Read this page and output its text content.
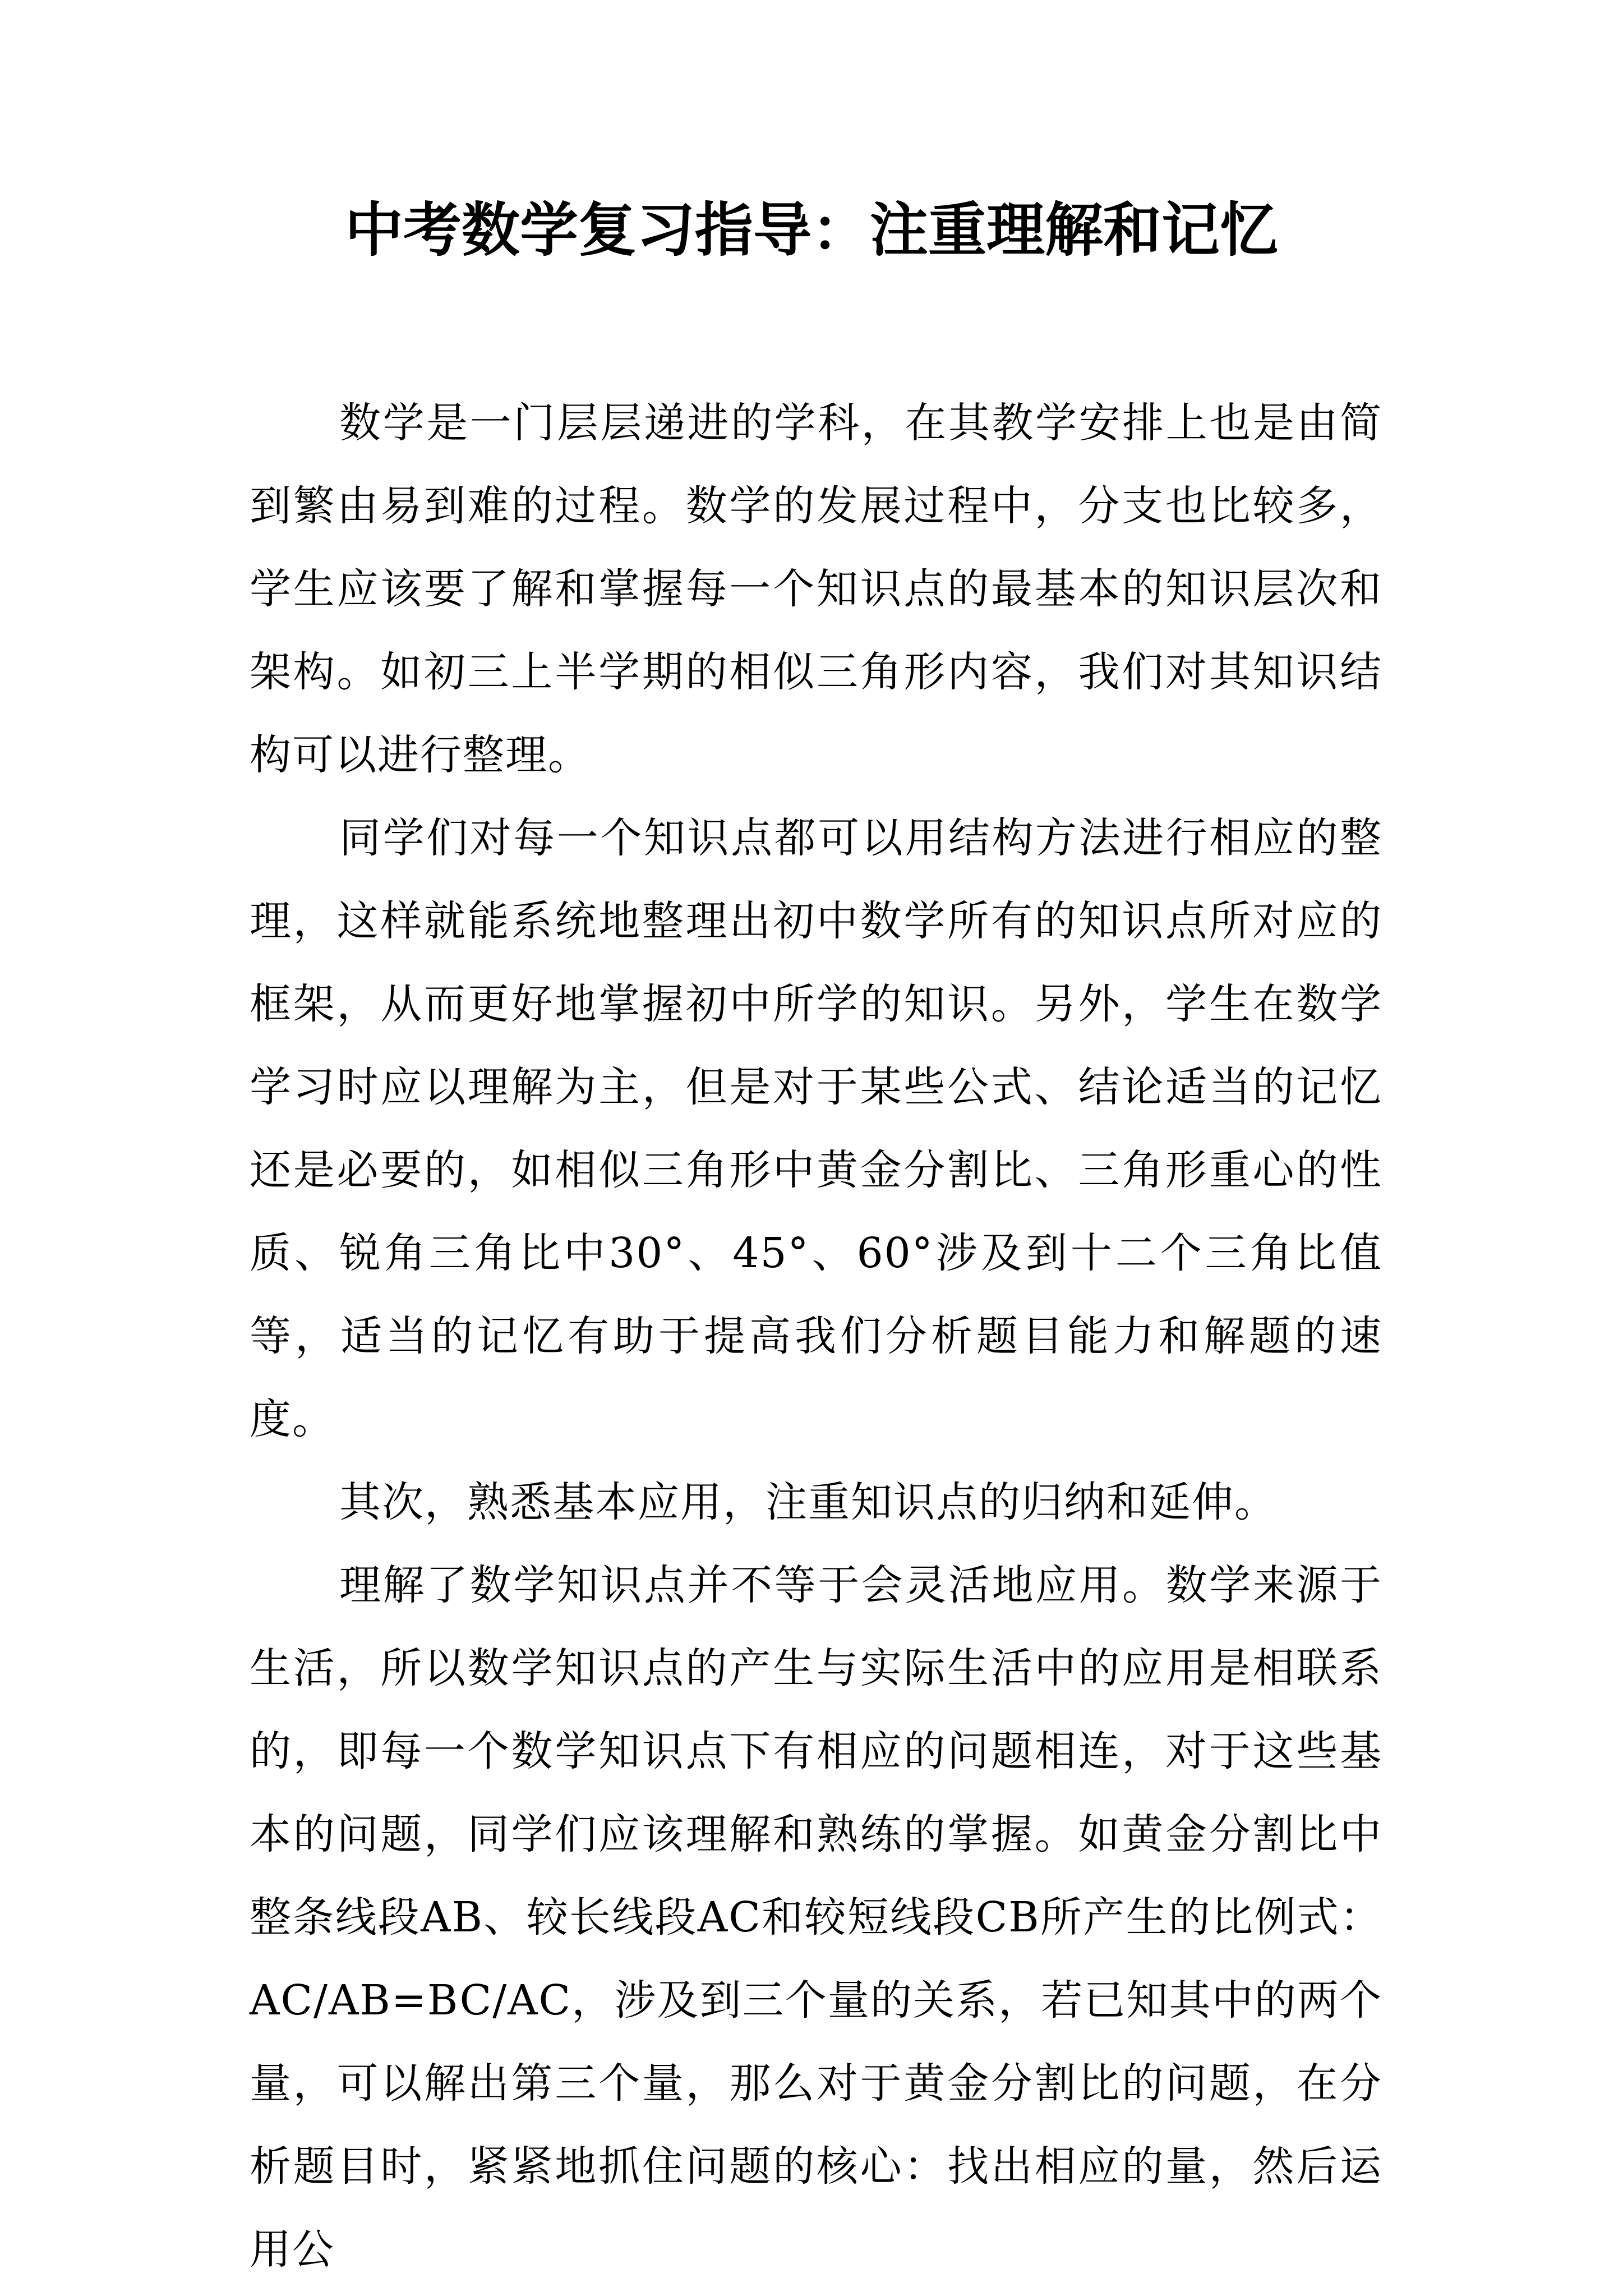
中考数学复习指导：注重理解和记忆

数学是一门层层递进的学科，在其教学安排上也是由简到繁由易到难的过程。数学的发展过程中，分支也比较多，学生应该要了解和掌握每一个知识点的最基本的知识层次和架构。如初三上半学期的相似三角形内容，我们对其知识结构可以进行整理。

同学们对每一个知识点都可以用结构方法进行相应的整理，这样就能系统地整理出初中数学所有的知识点所对应的框架，从而更好地掌握初中所学的知识。另外，学生在数学学习时应以理解为主，但是对于某些公式、结论适当的记忆还是必要的，如相似三角形中黄金分割比、三角形重心的性质、锐角三角比中30°、45°、60°涉及到十二个三角比值等，适当的记忆有助于提高我们分析题目能力和解题的速度。

其次，熟悉基本应用，注重知识点的归纳和延伸。

理解了数学知识点并不等于会灵活地应用。数学来源于生活，所以数学知识点的产生与实际生活中的应用是相联系的，即每一个数学知识点下有相应的问题相连，对于这些基本的问题，同学们应该理解和熟练的掌握。如黄金分割比中整条线段AB、较长线段AC和较短线段CB所产生的比例式：AC/AB=BC/AC，涉及到三个量的关系，若已知其中的两个量，可以解出第三个量，那么对于黄金分割比的问题，在分析题目时，紧紧地抓住问题的核心：找出相应的量，然后运用公
